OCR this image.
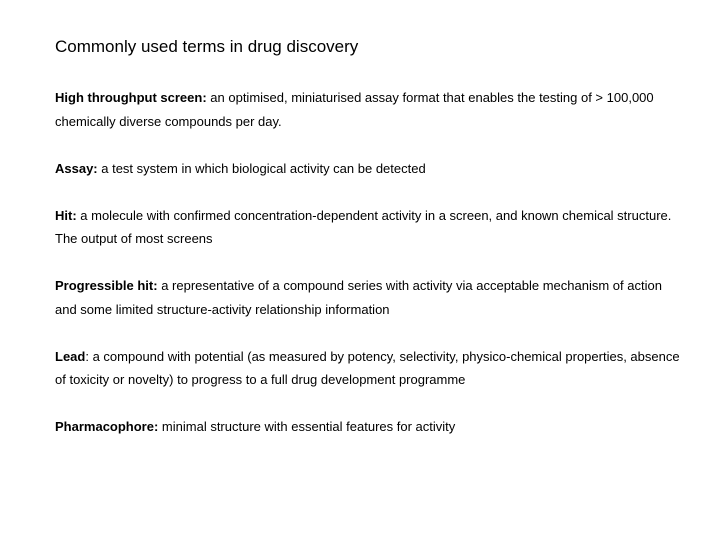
Commonly used terms in drug discovery
High throughput screen: an optimised, miniaturised assay format that enables the testing of > 100,000 chemically diverse compounds per day.
Assay: a test system in which biological activity can be detected
Hit: a molecule with confirmed concentration-dependent activity in a screen, and known chemical structure. The output of most screens
Progressible hit: a representative of a compound series with activity via acceptable mechanism of action and some limited structure-activity relationship information
Lead: a compound with potential (as measured by potency, selectivity, physico-chemical properties, absence of toxicity or novelty) to progress to a full drug development programme
Pharmacophore: minimal structure with essential features for activity
